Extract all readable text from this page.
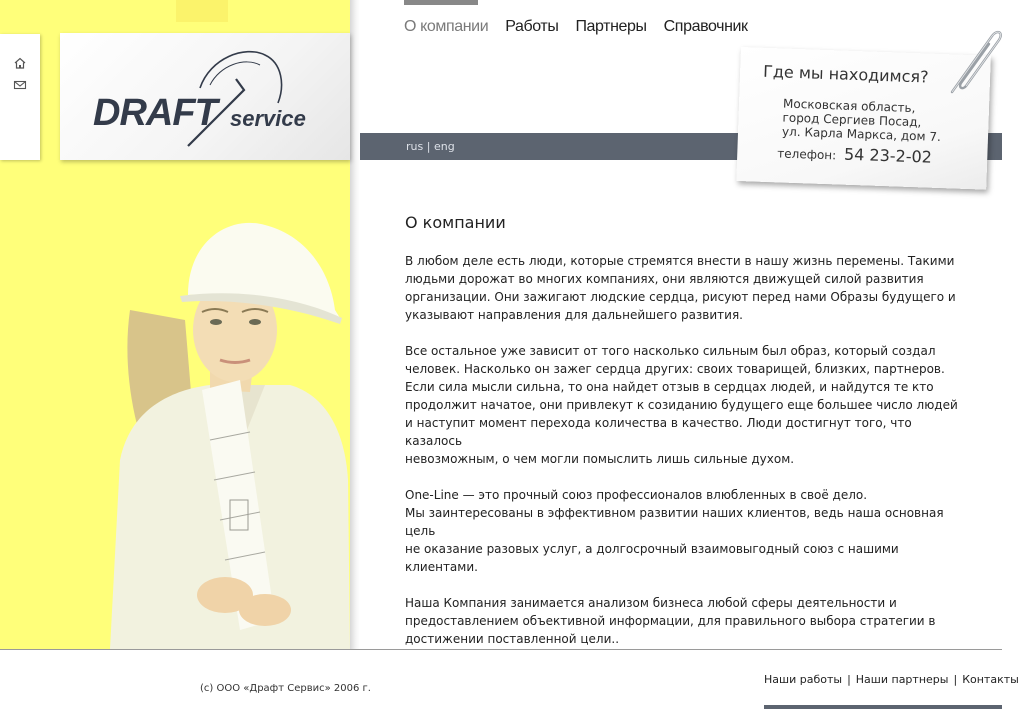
DRAFT service
О компании Работы Партнеры Справочник
rus | eng
Где мы находимся?
Московская область,
город Сергиев Посад,
ул. Карла Маркса, дом 7.
телефон: 54 23-2-02
О компании

В любом деле есть люди, которые стремятся внести в нашу жизнь перемены. Такими
людьми дорожат во многих компаниях, они являются движущей силой развития
организации. Они зажигают людские сердца, рисуют перед нами Образы будущего и
указывают направления для дальнейшего развития.

Все остальное уже зависит от того насколько сильным был образ, который создал
человек. Насколько он зажег сердца других: своих товарищей, близких, партнеров.
Если сила мысли сильна, то она найдет отзыв в сердцах людей, и найдутся те кто
продолжит начатое, они привлекут к созиданию будущего еще большее число людей
и наступит момент перехода количества в качество. Люди достигнут того, что казалось
невозможным, о чем могли помыслить лишь сильные духом.

One-Line — это прочный союз профессионалов влюбленных в своё дело.
Мы заинтересованы в эффективном развитии наших клиентов, ведь наша основная цель
не оказание разовых услуг, а долгосрочный взаимовыгодный союз с нашими клиентами.

Наша Компания занимается анализом бизнеса любой сферы деятельности и
предоставлением объективной информации, для правильного выбора стратегии в
достижении поставленной цели..

(c) ООО «Драфт Сервис» 2006 г.
Наши работы | Наши партнеры | Контакты
